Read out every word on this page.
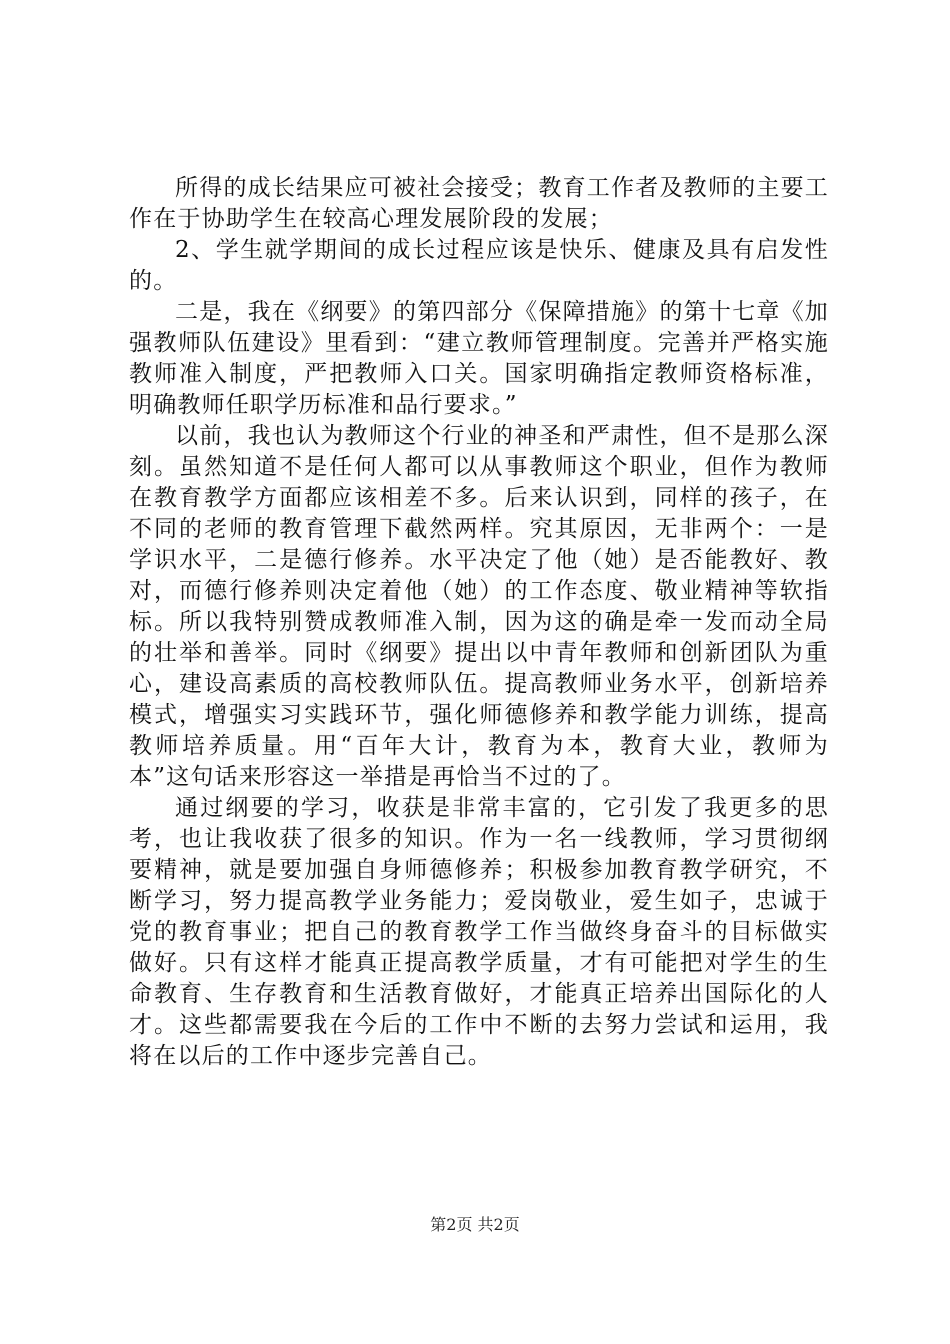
所得的成长结果应可被社会接受；教育工作者及教师的主要工作在于协助学生在较高心理发展阶段的发展；

2、学生就学期间的成长过程应该是快乐、健康及具有启发性的。

二是，我在《纲要》的第四部分《保障措施》的第十七章《加强教师队伍建设》里看到：“建立教师管理制度。完善并严格实施教师准入制度，严把教师入口关。国家明确指定教师资格标准，明确教师任职学历标准和品行要求。”

以前，我也认为教师这个行业的神圣和严肃性，但不是那么深刻。虽然知道不是任何人都可以从事教师这个职业，但作为教师在教育教学方面都应该相差不多。后来认识到，同样的孩子，在不同的老师的教育管理下截然两样。究其原因，无非两个：一是学识水平，二是德行修养。水平决定了他（她）是否能教好、教对，而德行修养则决定着他（她）的工作态度、敬业精神等软指标。所以我特别赞成教师准入制，因为这的确是牵一发而动全局的壮举和善举。同时《纲要》提出以中青年教师和创新团队为重心，建设高素质的高校教师队伍。提高教师业务水平，创新培养模式，增强实习实践环节，强化师德修养和教学能力训练，提高教师培养质量。用“百年大计，教育为本，教育大业，教师为本”这句话来形容这一举措是再恰当不过的了。

通过纲要的学习，收获是非常丰富的，它引发了我更多的思考，也让我收获了很多的知识。作为一名一线教师，学习贯彻纲要精神，就是要加强自身师德修养；积极参加教育教学研究，不断学习，努力提高教学业务能力；爱岗敬业，爱生如子，忠诚于党的教育事业；把自己的教育教学工作当做终身奋斗的目标做实做好。只有这样才能真正提高教学质量，才有可能把对学生的生命教育、生存教育和生活教育做好，才能真正培养出国际化的人才。这些都需要我在今后的工作中不断的去努力尝试和运用，我将在以后的工作中逐步完善自己。

第2页 共2页
